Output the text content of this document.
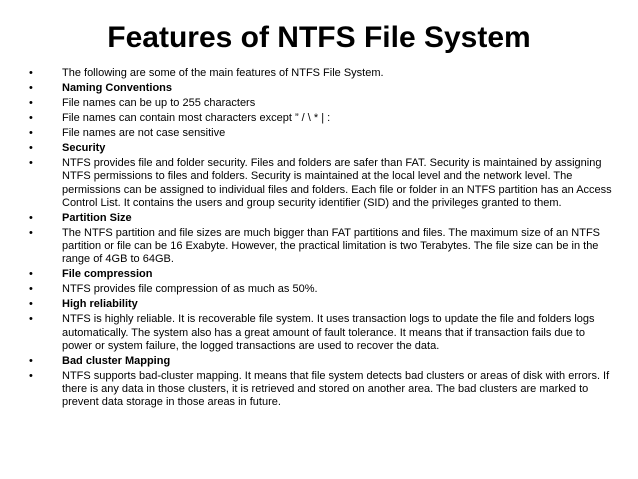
Features of NTFS File System
•	The following are some of the main features of NTFS File System.
•	Naming Conventions
•	File names can be up to 255 characters
•	File names can contain most characters except ” / \ * | :
•	File names are not case sensitive
•	Security
•	NTFS provides file and folder security. Files and folders are safer than FAT. Security is maintained by assigning NTFS permissions to files and folders. Security is maintained at the local level and the network level. The permissions can be assigned to individual files and folders. Each file or folder in an NTFS partition has an Access Control List. It contains the users and group security identifier (SID) and the privileges granted to them.
•	Partition Size
•	The NTFS partition and file sizes are much bigger than FAT partitions and files. The maximum size of an NTFS partition or file can be 16 Exabyte. However, the practical limitation is two Terabytes. The file size can be in the range of 4GB to 64GB.
•	File compression
•	NTFS provides file compression of as much as 50%.
•	High reliability
•	NTFS is highly reliable. It is recoverable file system. It uses transaction logs to update the file and folders logs automatically. The system also has a great amount of fault tolerance. It means that if transaction fails due to power or system failure, the logged transactions are used to recover the data.
•	Bad cluster Mapping
•	NTFS supports bad-cluster mapping. It means that file system detects bad clusters or areas of disk with errors. If there is any data in those clusters, it is retrieved and stored on another area. The bad clusters are marked to prevent data storage in those areas in future.
